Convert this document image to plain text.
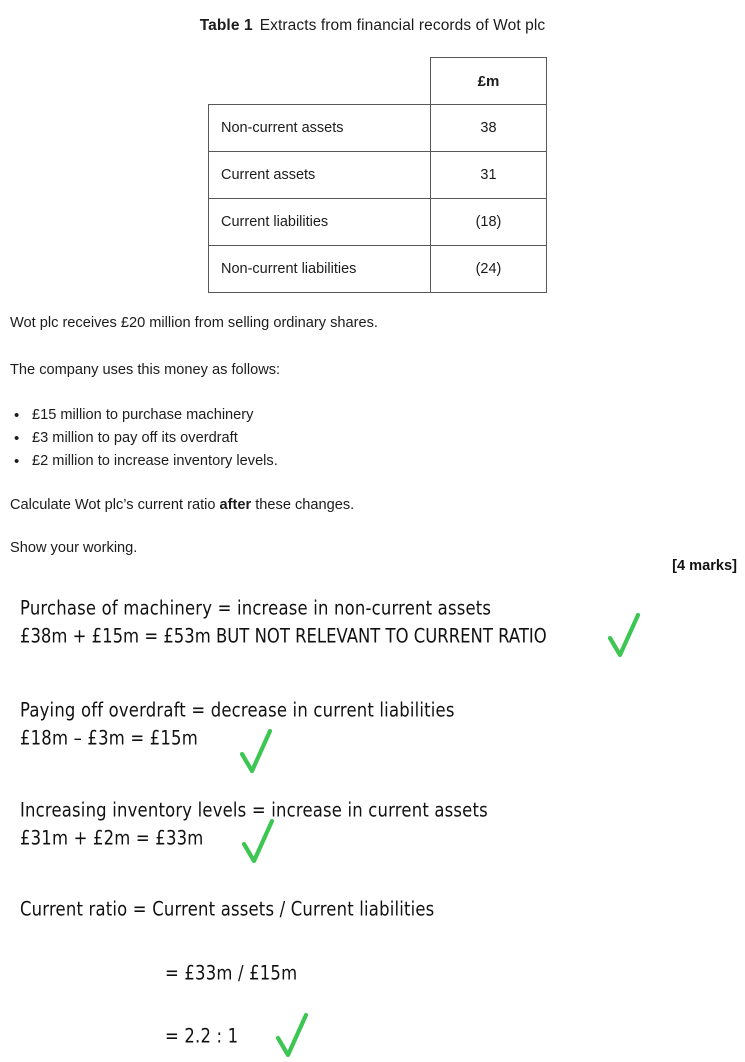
Table 1 Extracts from financial records of Wot plc
	£m
Non-current assets	38
Current assets	31
Current liabilities	(18)
Non-current liabilities	(24)
Wot plc receives £20 million from selling ordinary shares.
The company uses this money as follows:
• £15 million to purchase machinery
• £3 million to pay off its overdraft
• £2 million to increase inventory levels.
Calculate Wot plc’s current ratio after these changes.
Show your working.
[4 marks]
Purchase of machinery = increase in non-current assets
£38m + £15m = £53m BUT NOT RELEVANT TO CURRENT RATIO
Paying off overdraft = decrease in current liabilities
£18m – £3m = £15m
Increasing inventory levels = increase in current assets
£31m + £2m = £33m
Current ratio = Current assets / Current liabilities
= £33m / £15m
= 2.2 : 1
